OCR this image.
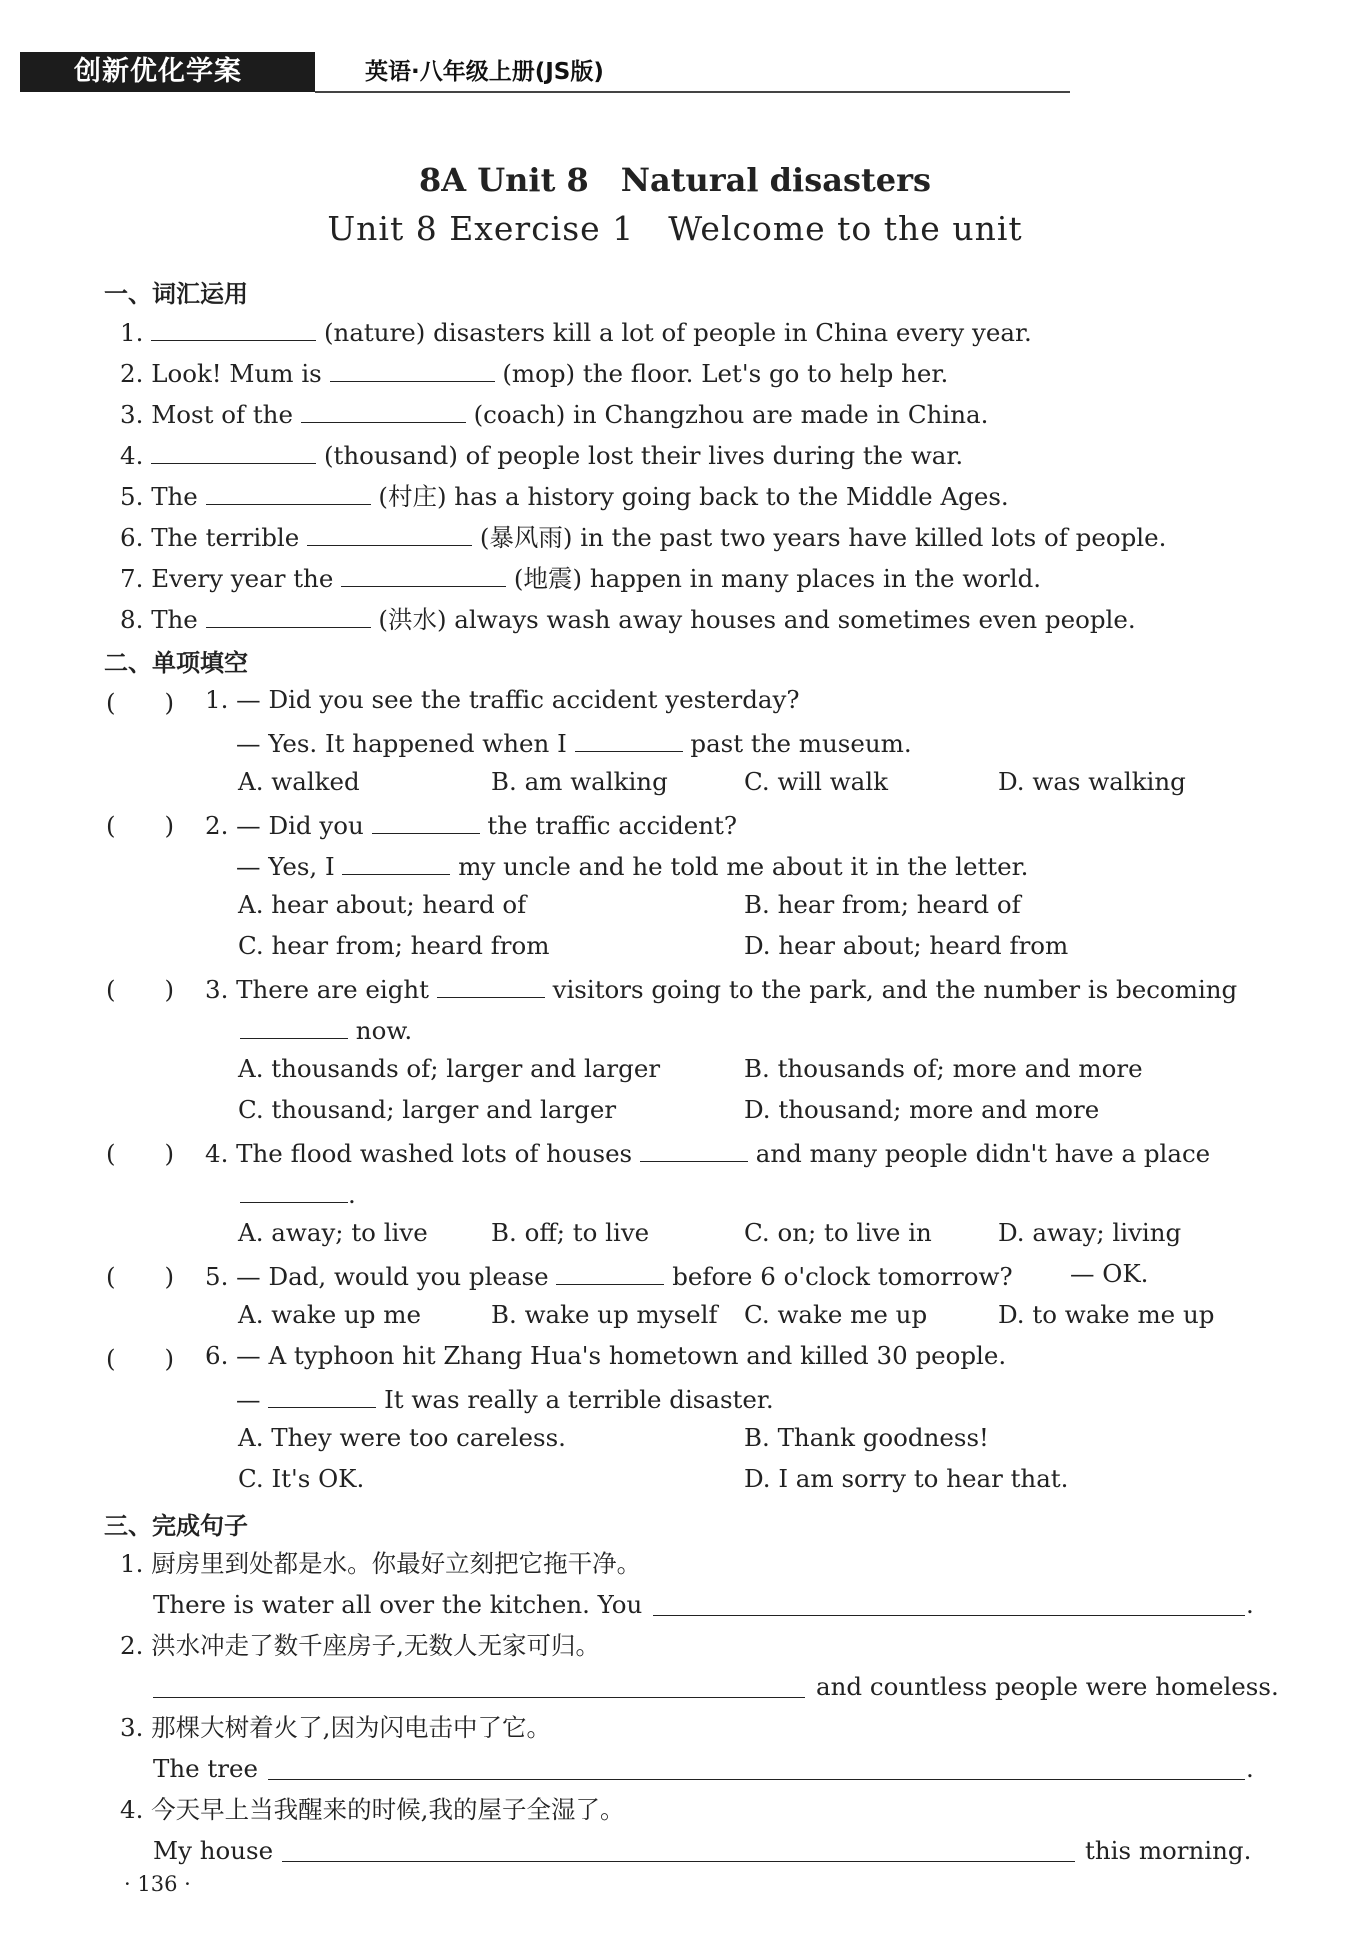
创新优化学案	英语·八年级上册(JS版)
8A Unit 8　Natural disasters
Unit 8 Exercise 1　Welcome to the unit
一、词汇运用
1.	(nature) disasters kill a lot of people in China every year.
2. Look! Mum is	(mop) the floor. Let's go to help her.
3. Most of the	(coach) in Changzhou are made in China.
4.	(thousand) of people lost their lives during the war.
5. The	(村庄) has a history going back to the Middle Ages.
6. The terrible	(暴风雨) in the past two years have killed lots of people.
7. Every year the	(地震) happen in many places in the world.
8. The	(洪水) always wash away houses and sometimes even people.
二、单项填空
(　　) 1. — Did you see the traffic accident yesterday?
— Yes. It happened when I	past the museum.
A. walked	B. am walking	C. will walk	D. was walking
(　　) 2. — Did you	the traffic accident?
— Yes, I	my uncle and he told me about it in the letter.
A. hear about; heard of	B. hear from; heard of
C. hear from; heard from	D. hear about; heard from
(　　) 3. There are eight	visitors going to the park, and the number is becoming
now.
A. thousands of; larger and larger	B. thousands of; more and more
C. thousand; larger and larger	D. thousand; more and more
(　　) 4. The flood washed lots of houses	and many people didn't have a place
.
A. away; to live	B. off; to live	C. on; to live in	D. away; living
(　　) 5. — Dad, would you please	before 6 o'clock tomorrow? — OK.
A. wake up me	B. wake up myself C. wake me up	D. to wake me up
(　　) 6. — A typhoon hit Zhang Hua's hometown and killed 30 people.
—	It was really a terrible disaster.
A. They were too careless.	B. Thank goodness!
C. It's OK.	D. I am sorry to hear that.
三、完成句子
1. 厨房里到处都是水。你最好立刻把它拖干净。
There is water all over the kitchen. You	.
2. 洪水冲走了数千座房子,无数人无家可归。
and countless people were homeless.
3. 那棵大树着火了,因为闪电击中了它。
The tree	.
4. 今天早上当我醒来的时候,我的屋子全湿了。
My house	this morning.
· 136 ·
